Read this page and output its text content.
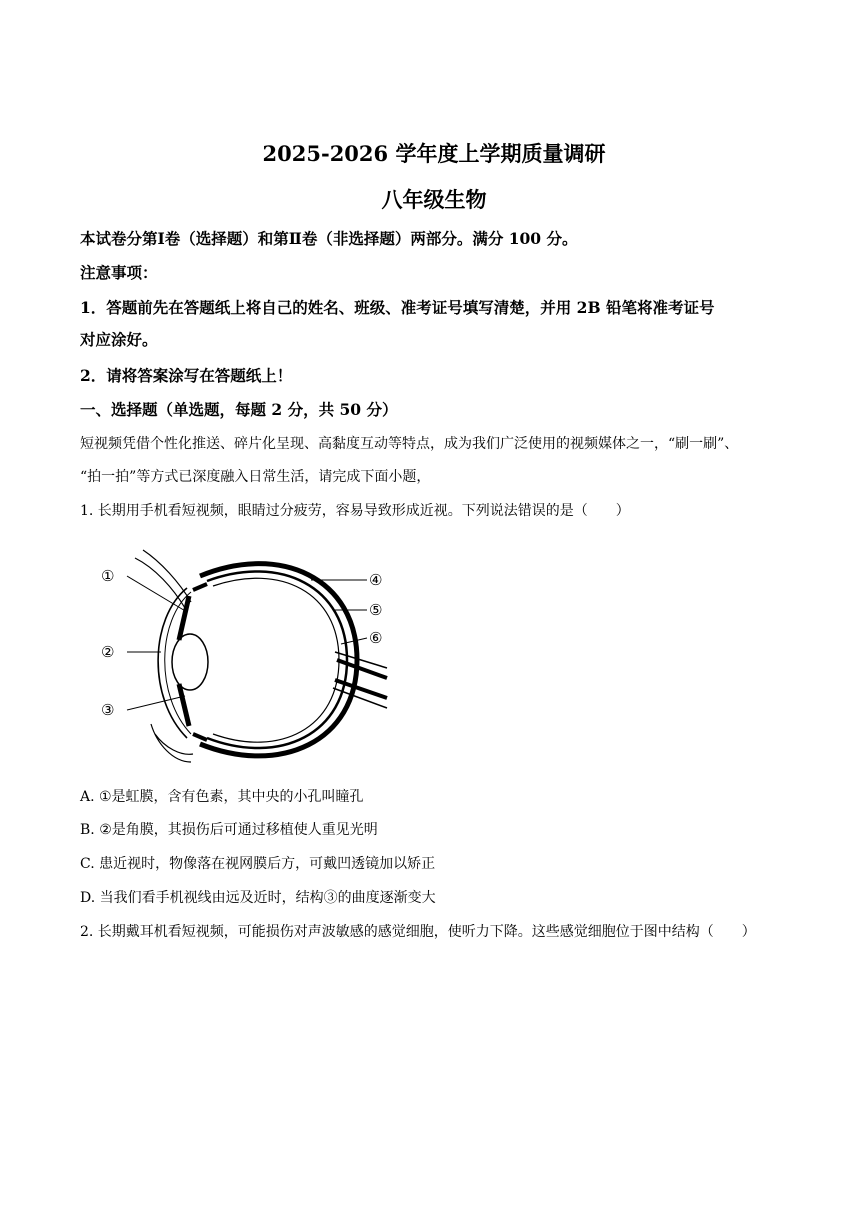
2025-2026 学年度上学期质量调研
八年级生物
本试卷分第Ⅰ卷（选择题）和第Ⅱ卷（非选择题）两部分。满分 100 分。
注意事项：
1．答题前先在答题纸上将自己的姓名、班级、准考证号填写清楚，并用 2B 铅笔将准考证号
对应涂好。
2．请将答案涂写在答题纸上！
一、选择题（单选题，每题 2 分，共 50 分）
短视频凭借个性化推送、碎片化呈现、高黏度互动等特点，成为我们广泛使用的视频媒体之一，“刷一刷”、
“拍一拍”等方式已深度融入日常生活，请完成下面小题，
1. 长期用手机看短视频，眼睛过分疲劳，容易导致形成近视。下列说法错误的是（　　）
①
②
③
④
⑤
⑥
A. ①是虹膜，含有色素，其中央的小孔叫瞳孔
B. ②是角膜，其损伤后可通过移植使人重见光明
C. 患近视时，物像落在视网膜后方，可戴凹透镜加以矫正
D. 当我们看手机视线由远及近时，结构③的曲度逐渐变大
2. 长期戴耳机看短视频，可能损伤对声波敏感的感觉细胞，使听力下降。这些感觉细胞位于图中结构（　　）
